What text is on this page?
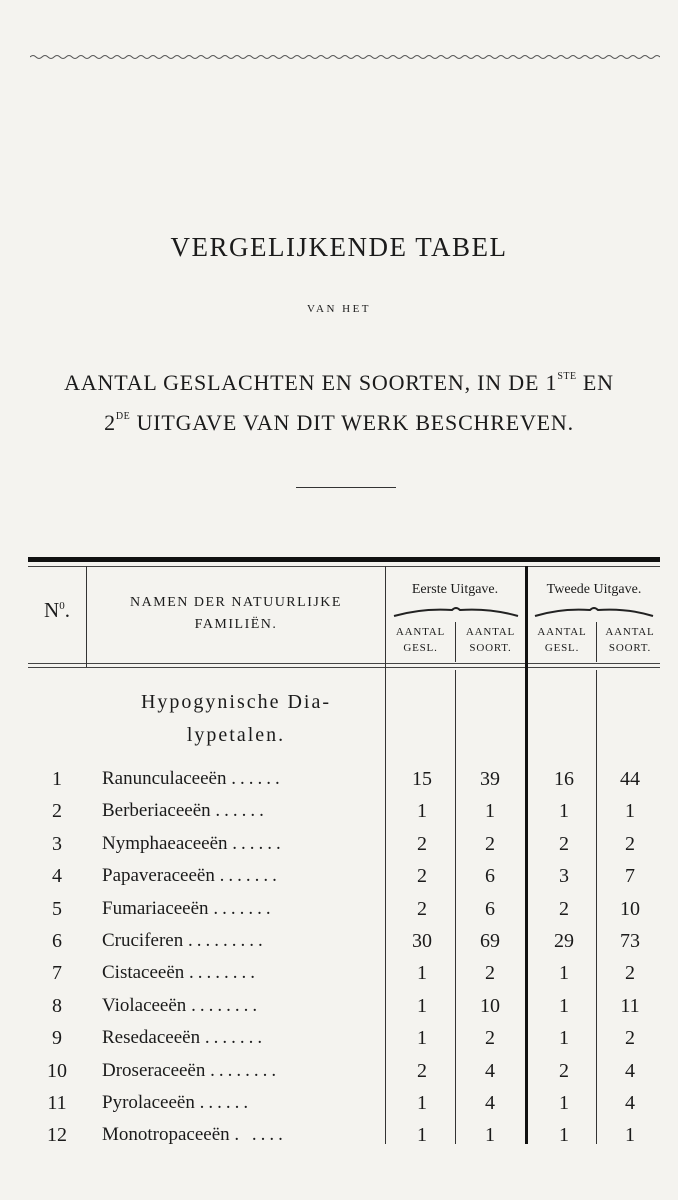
VERGELIJKENDE TABEL
VAN HET
AANTAL GESLACHTEN EN SOORTEN, IN DE 1STE EN
2DE UITGAVE VAN DIT WERK BESCHREVEN.
$N^0$.	NAMEN DER NATUURLIJKE
FAMILIËN.
Eerste Uitgave.	Tweede Uitgave.
AANTAL
GESL.
AANTAL
SOORT.
AANTAL
GESL.
AANTAL
SOORT.
Hypogynische Dia-
lypetalen.
1	Ranunculaceeën ......	15	39	16	44
2	Berberiaceeën ......	1	1	1	1
3	Nymphaeaceeën ......	2	2	2	2
4	Papaveraceeën .......	2	6	3	7
5	Fumariaceeën .......	2	6	2	10
6	Cruciferen .........	30	69	29	73
7	Cistaceeën ........	1	2	1	2
8	Violaceeën ........	1	10	1	11
9	Resedaceeën .......	1	2	1	2
10	Droseraceeën ........	2	4	2	4
11	Pyrolaceeën ......	1	4	1	4
12	Monotropaceeën . ....	1	1	1	1
